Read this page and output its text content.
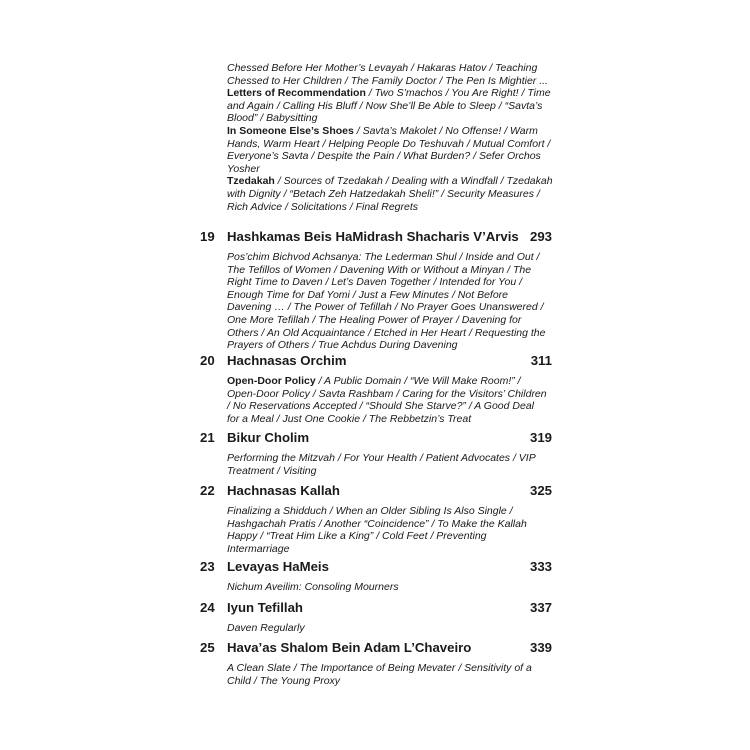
Chessed Before Her Mother’s Levayah / Hakaras Hatov / Teaching Chessed to Her Children / The Family Doctor / The Pen Is Mightier ...
Letters of Recommendation / Two S’machos / You Are Right! / Time and Again / Calling His Bluff / Now She’ll Be Able to Sleep / “Savta’s Blood” / Babysitting
In Someone Else’s Shoes / Savta’s Makolet / No Offense! / Warm Hands, Warm Heart / Helping People Do Teshuvah / Mutual Comfort / Everyone’s Savta / Despite the Pain / What Burden? / Sefer Orchos Yosher
Tzedakah / Sources of Tzedakah / Dealing with a Windfall / Tzedakah with Dignity / “Betach Zeh Hatzedakah Sheli!” / Security Measures / Rich Advice / Solicitations / Final Regrets
19 Hashkamas Beis HaMidrash Shacharis V’Arvis 293
Pos’chim Bichvod Achsanya: The Lederman Shul / Inside and Out / The Tefillos of Women / Davening With or Without a Minyan / The Right Time to Daven / Let’s Daven Together / Intended for You / Enough Time for Daf Yomi / Just a Few Minutes / Not Before Davening … / The Power of Tefillah / No Prayer Goes Unanswered / One More Tefillah / The Healing Power of Prayer / Davening for Others / An Old Acquaintance / Etched in Her Heart / Requesting the Prayers of Others / True Achdus During Davening
20 Hachnasas Orchim	311
Open-Door Policy / A Public Domain / “We Will Make Room!” / Open-Door Policy / Savta Rashbam / Caring for the Visitors’ Children / No Reservations Accepted / “Should She Starve?” / A Good Deal for a Meal / Just One Cookie / The Rebbetzin’s Treat
21 Bikur Cholim	319
Performing the Mitzvah / For Your Health / Patient Advocates / VIP Treatment / Visiting
22 Hachnasas Kallah	325
Finalizing a Shidduch / When an Older Sibling Is Also Single / Hashgachah Pratis / Another “Coincidence” / To Make the Kallah Happy / “Treat Him Like a King” / Cold Feet / Preventing Intermarriage
23 Levayas HaMeis	333
Nichum Aveilim: Consoling Mourners
24 Iyun Tefillah	337
Daven Regularly
25 Hava’as Shalom Bein Adam L’Chaveiro	339
A Clean Slate / The Importance of Being Mevater / Sensitivity of a Child / The Young Proxy
